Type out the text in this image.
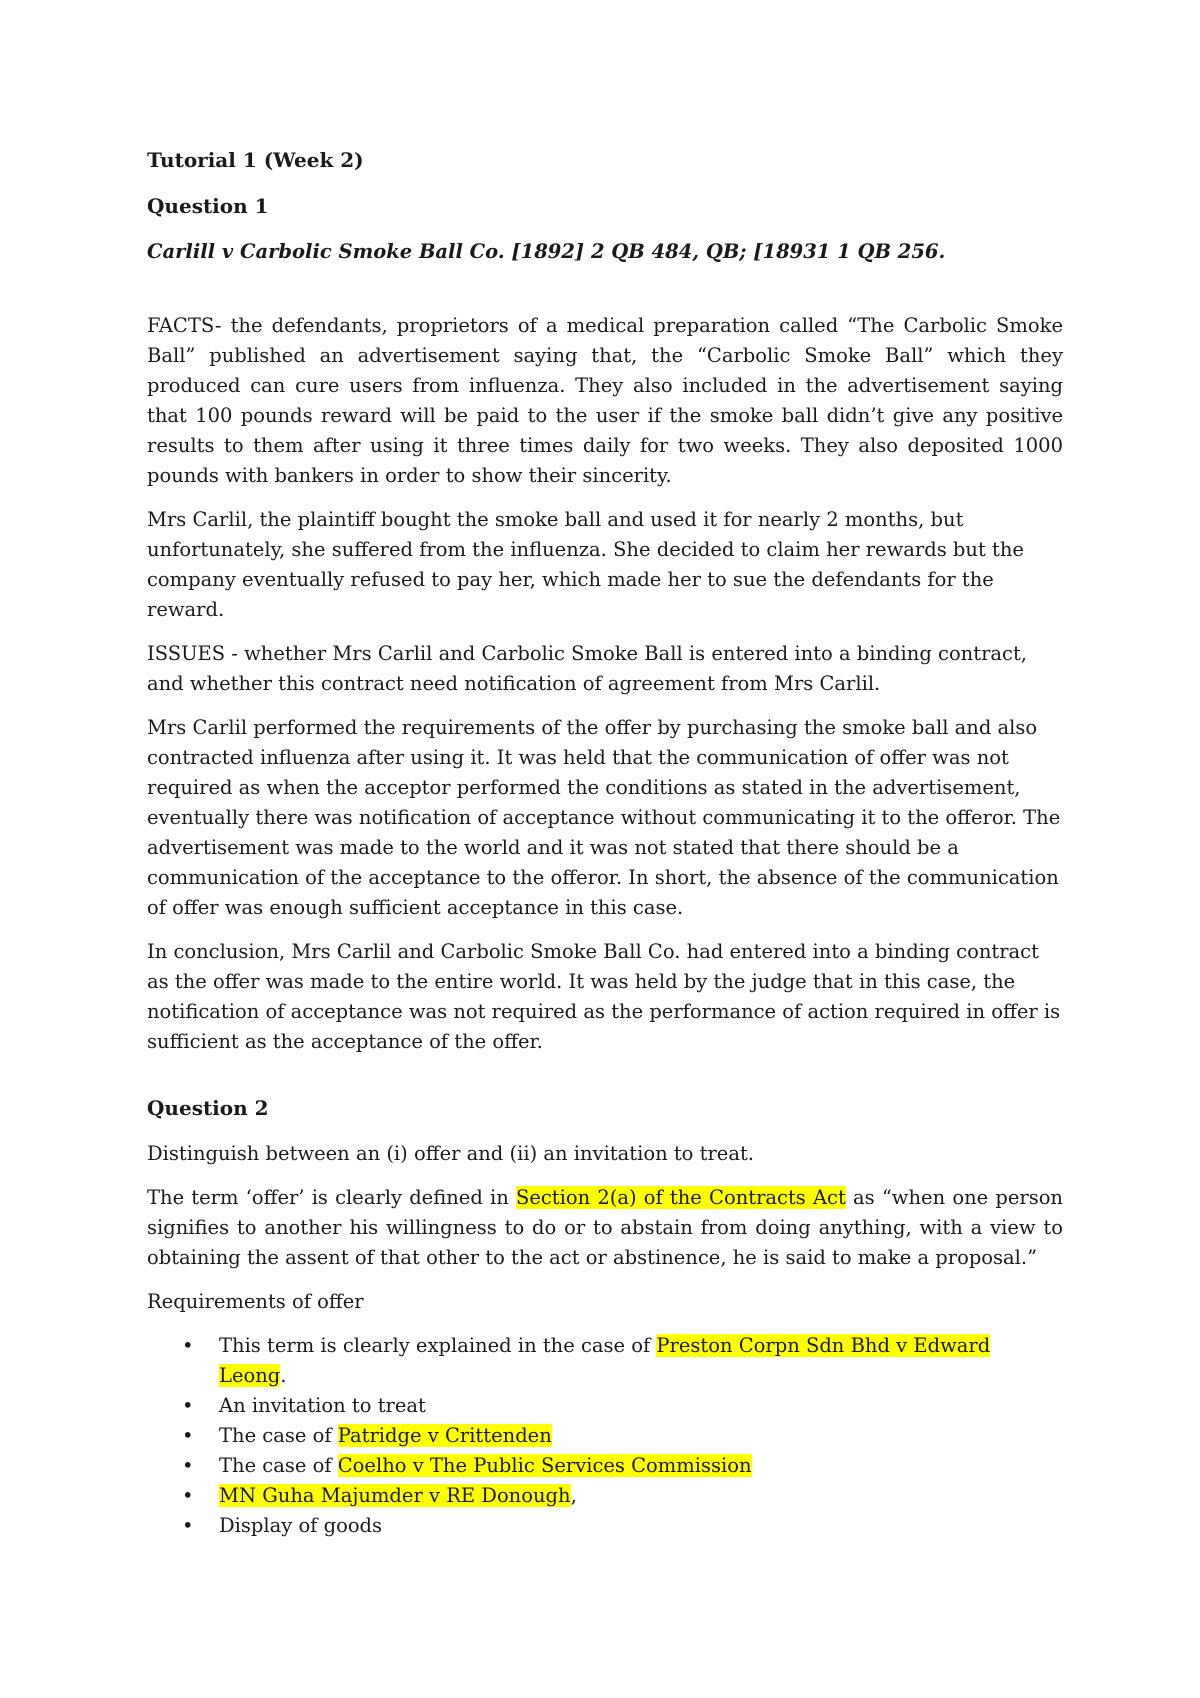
Tutorial 1 (Week 2)
Question 1
Carlill v Carbolic Smoke Ball Co. [1892] 2 QB 484, QB; [18931 1 QB 256.

FACTS- the defendants, proprietors of a medical preparation called “The Carbolic Smoke Ball” published an advertisement saying that, the “Carbolic Smoke Ball” which they produced can cure users from influenza. They also included in the advertisement saying that 100 pounds reward will be paid to the user if the smoke ball didn’t give any positive results to them after using it three times daily for two weeks. They also deposited 1000 pounds with bankers in order to show their sincerity.

Mrs Carlil, the plaintiff bought the smoke ball and used it for nearly 2 months, but unfortunately, she suffered from the influenza. She decided to claim her rewards but the company eventually refused to pay her, which made her to sue the defendants for the reward.

ISSUES - whether Mrs Carlil and Carbolic Smoke Ball is entered into a binding contract, and whether this contract need notification of agreement from Mrs Carlil.

Mrs Carlil performed the requirements of the offer by purchasing the smoke ball and also contracted influenza after using it. It was held that the communication of offer was not required as when the acceptor performed the conditions as stated in the advertisement, eventually there was notification of acceptance without communicating it to the offeror. The advertisement was made to the world and it was not stated that there should be a communication of the acceptance to the offeror. In short, the absence of the communication of offer was enough sufficient acceptance in this case.

In conclusion, Mrs Carlil and Carbolic Smoke Ball Co. had entered into a binding contract as the offer was made to the entire world. It was held by the judge that in this case, the notification of acceptance was not required as the performance of action required in offer is sufficient as the acceptance of the offer.

Question 2

Distinguish between an (i) offer and (ii) an invitation to treat.

The term ‘offer’ is clearly defined in Section 2(a) of the Contracts Act as “when one person signifies to another his willingness to do or to abstain from doing anything, with a view to obtaining the assent of that other to the act or abstinence, he is said to make a proposal.”

Requirements of offer

• This term is clearly explained in the case of Preston Corpn Sdn Bhd v Edward Leong.
• An invitation to treat
• The case of Patridge v Crittenden
• The case of Coelho v The Public Services Commission
• MN Guha Majumder v RE Donough,
• Display of goods
